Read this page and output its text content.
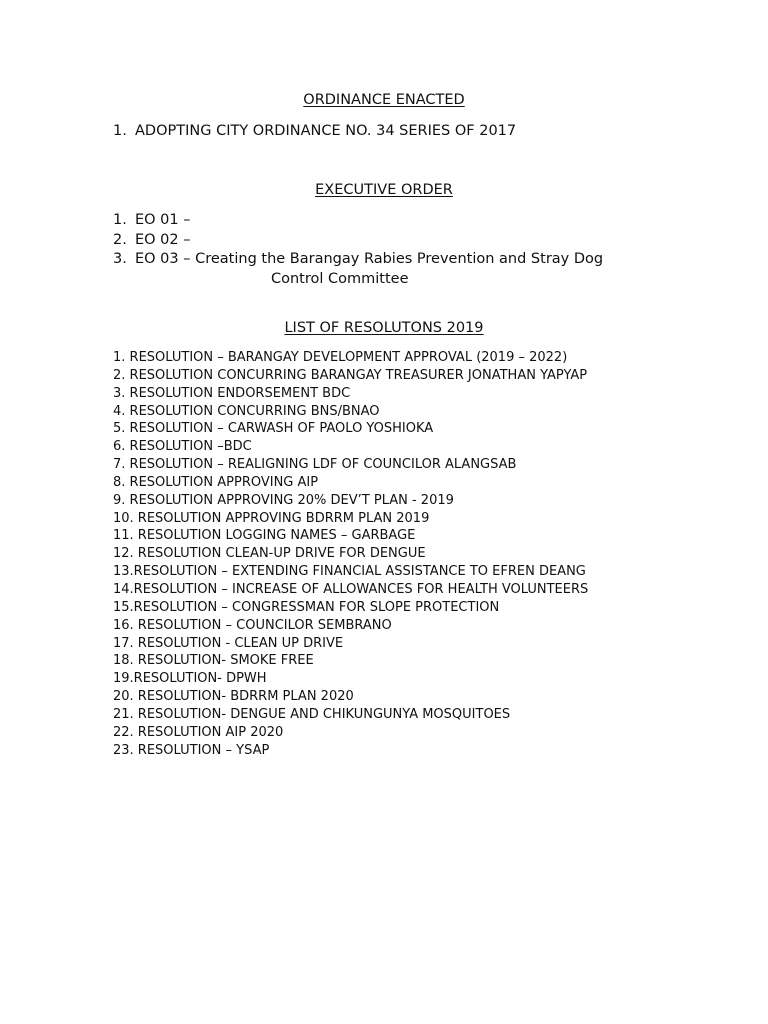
ORDINANCE ENACTED
1. ADOPTING CITY ORDINANCE NO. 34 SERIES OF 2017
EXECUTIVE ORDER
1. EO 01 –
2. EO 02 –
3. EO 03 – Creating the Barangay Rabies Prevention and Stray Dog
Control Committee
LIST OF RESOLUTONS 2019
1. RESOLUTION – BARANGAY DEVELOPMENT APPROVAL (2019 – 2022)
2. RESOLUTION CONCURRING BARANGAY TREASURER JONATHAN YAPYAP
3. RESOLUTION ENDORSEMENT BDC
4. RESOLUTION CONCURRING BNS/BNAO
5. RESOLUTION – CARWASH OF PAOLO YOSHIOKA
6. RESOLUTION –BDC
7. RESOLUTION – REALIGNING LDF OF COUNCILOR ALANGSAB
8. RESOLUTION APPROVING AIP
9. RESOLUTION APPROVING 20% DEV’T PLAN - 2019
10. RESOLUTION APPROVING BDRRM PLAN 2019
11. RESOLUTION LOGGING NAMES – GARBAGE
12. RESOLUTION CLEAN-UP DRIVE FOR DENGUE
13.RESOLUTION – EXTENDING FINANCIAL ASSISTANCE TO EFREN DEANG
14.RESOLUTION – INCREASE OF ALLOWANCES FOR HEALTH VOLUNTEERS
15.RESOLUTION – CONGRESSMAN FOR SLOPE PROTECTION
16. RESOLUTION – COUNCILOR SEMBRANO
17. RESOLUTION - CLEAN UP DRIVE
18. RESOLUTION- SMOKE FREE
19.RESOLUTION- DPWH
20. RESOLUTION- BDRRM PLAN 2020
21. RESOLUTION- DENGUE AND CHIKUNGUNYA MOSQUITOES
22. RESOLUTION AIP 2020
23. RESOLUTION – YSAP
